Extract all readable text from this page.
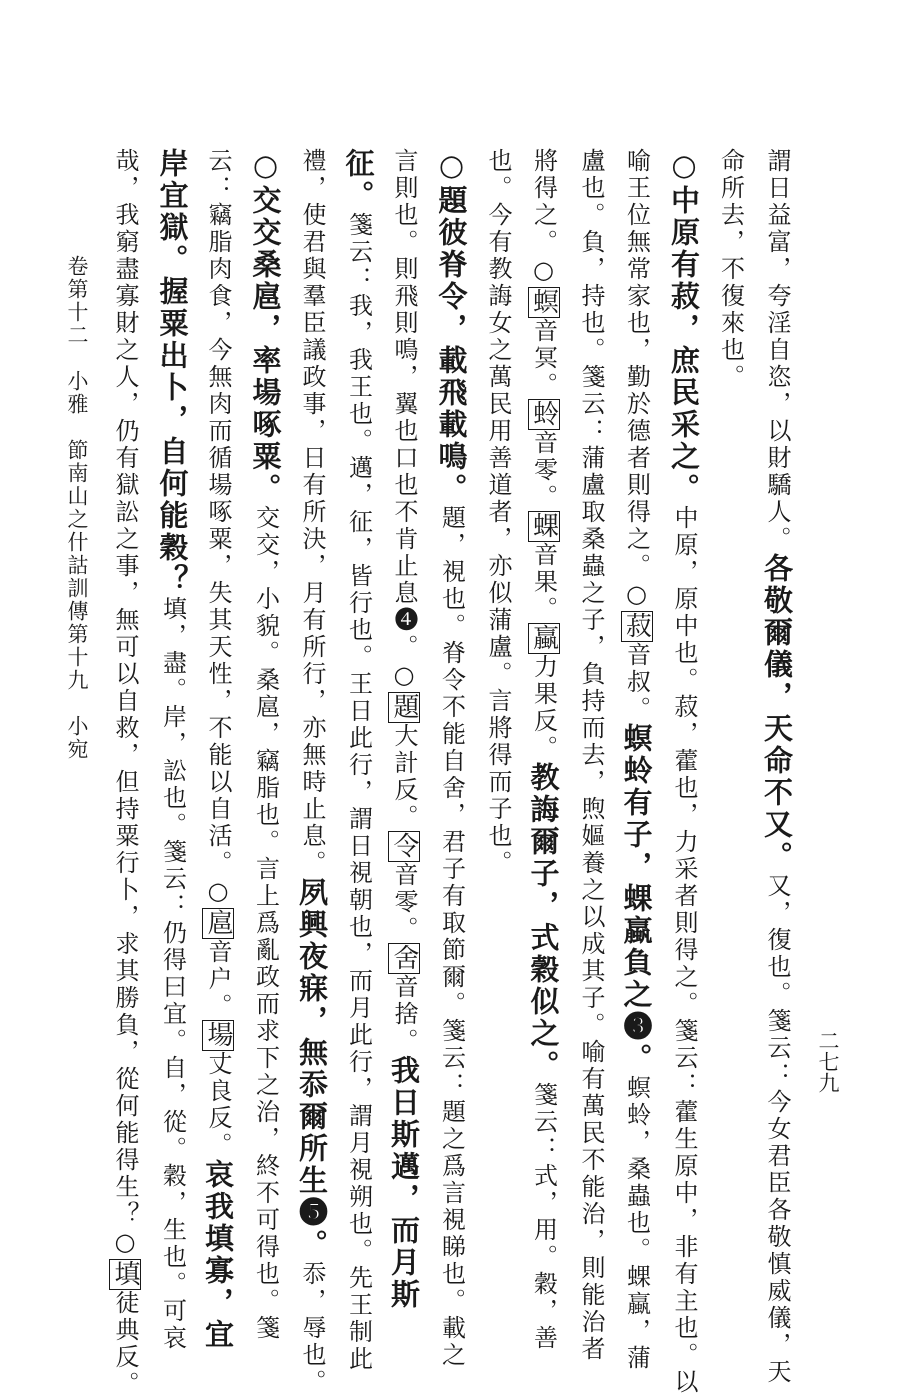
謂日益富，夸淫自恣，以財驕人。各敬爾儀，天命不又。又，復也。箋云：今女君臣各敬慎威儀，天
命所去，不復來也。
○中原有菽，庶民采之。中原，原中也。菽，藿也，力采者則得之。箋云：藿生原中，非有主也。以
喻王位無常家也，勤於德者則得之。○菽音叔。螟蛉有子，蜾蠃負之❸。螟蛉，桑蟲也。蜾蠃，蒲
盧也。負，持也。箋云：蒲盧取桑蟲之子，負持而去，煦嫗養之以成其子。喻有萬民不能治，則能治者
將得之。○螟音冥。蛉音零。蜾音果。蠃力果反。教誨爾子，式穀似之。箋云：式，用。穀，善
也。今有教誨女之萬民用善道者，亦似蒲盧。言將得而子也。
○題彼脊令，載飛載鳴。題，視也。脊令不能自舍，君子有取節爾。箋云：題之爲言視睇也。載之
言則也。則飛則鳴，翼也口也不肯止息❹。○題大計反。令音零。舍音捨。我日斯邁，而月斯
征。箋云：我，我王也。邁，征，皆行也。王日此行，謂日視朝也，而月此行，謂月視朔也。先王制此
禮，使君與羣臣議政事，日有所決，月有所行，亦無時止息。夙興夜寐，無忝爾所生❺。忝，辱也。
○交交桑扈，率場啄粟。交交，小貌。桑扈，竊脂也。言上爲亂政而求下之治，終不可得也。箋
云：竊脂肉食，今無肉而循場啄粟，失其天性，不能以自活。○扈音户。場丈良反。哀我填寡，宜
岸宜獄。握粟出卜，自何能穀？填，盡。岸，訟也。箋云：仍得曰宜。自，從。穀，生也。可哀
哉，我窮盡寡財之人，仍有獄訟之事，無可以自救，但持粟行卜，求其勝負，從何能得生？○填徒典反。
卷第十二　小雅　節南山之什詁訓傳第十九　小宛
二七九
